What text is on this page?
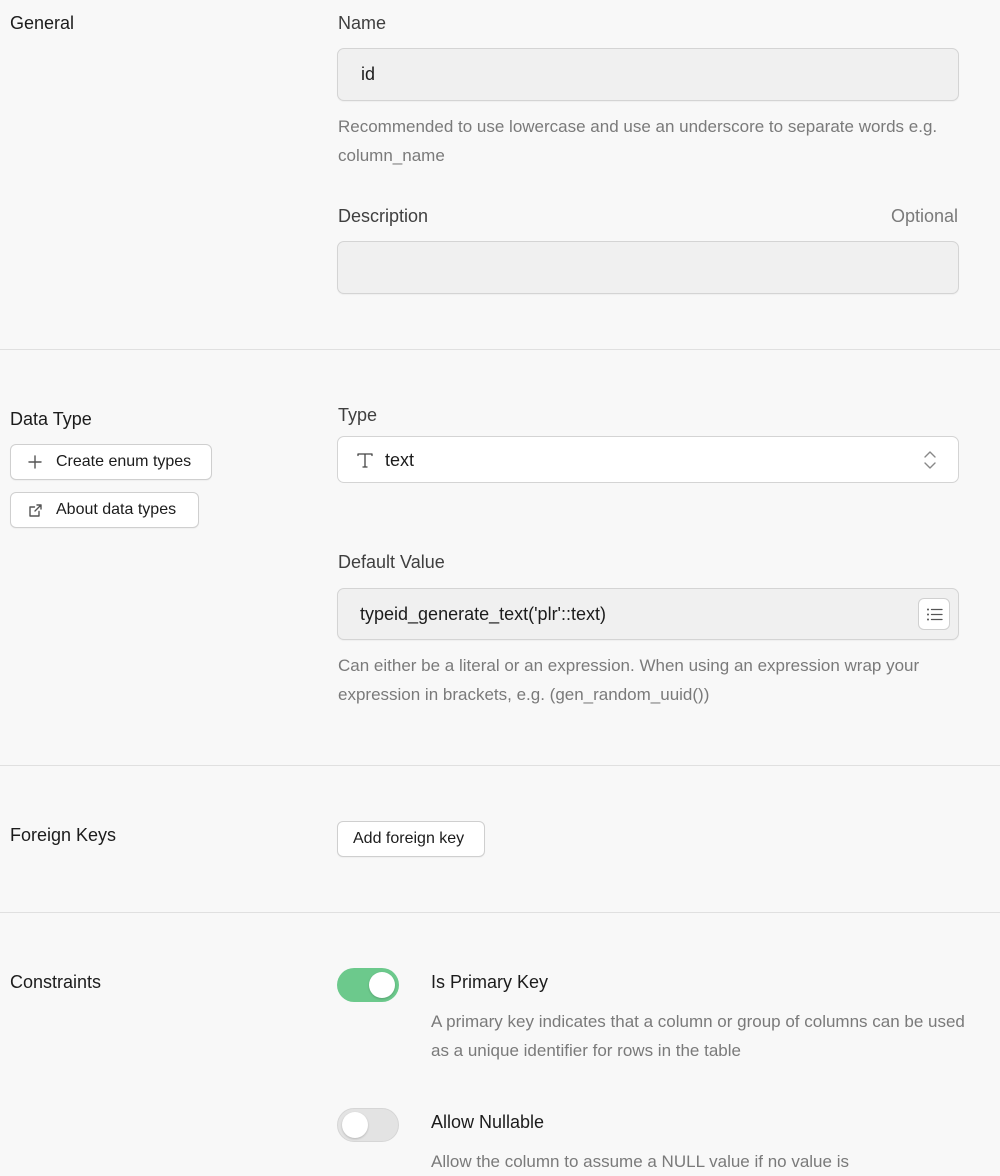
General	Name
id
Recommended to use lowercase and use an underscore to separate words e.g. column_name
Description	Optional
Data Type
Create enum types
About data types
Type
text
Default Value
typeid_generate_text('plr'::text)
Can either be a literal or an expression. When using an expression wrap your expression in brackets, e.g. (gen_random_uuid())
Foreign Keys	Add foreign key
Constraints	Is Primary Key
A primary key indicates that a column or group of columns can be used as a unique identifier for rows in the table
Allow Nullable
Allow the column to assume a NULL value if no value is
